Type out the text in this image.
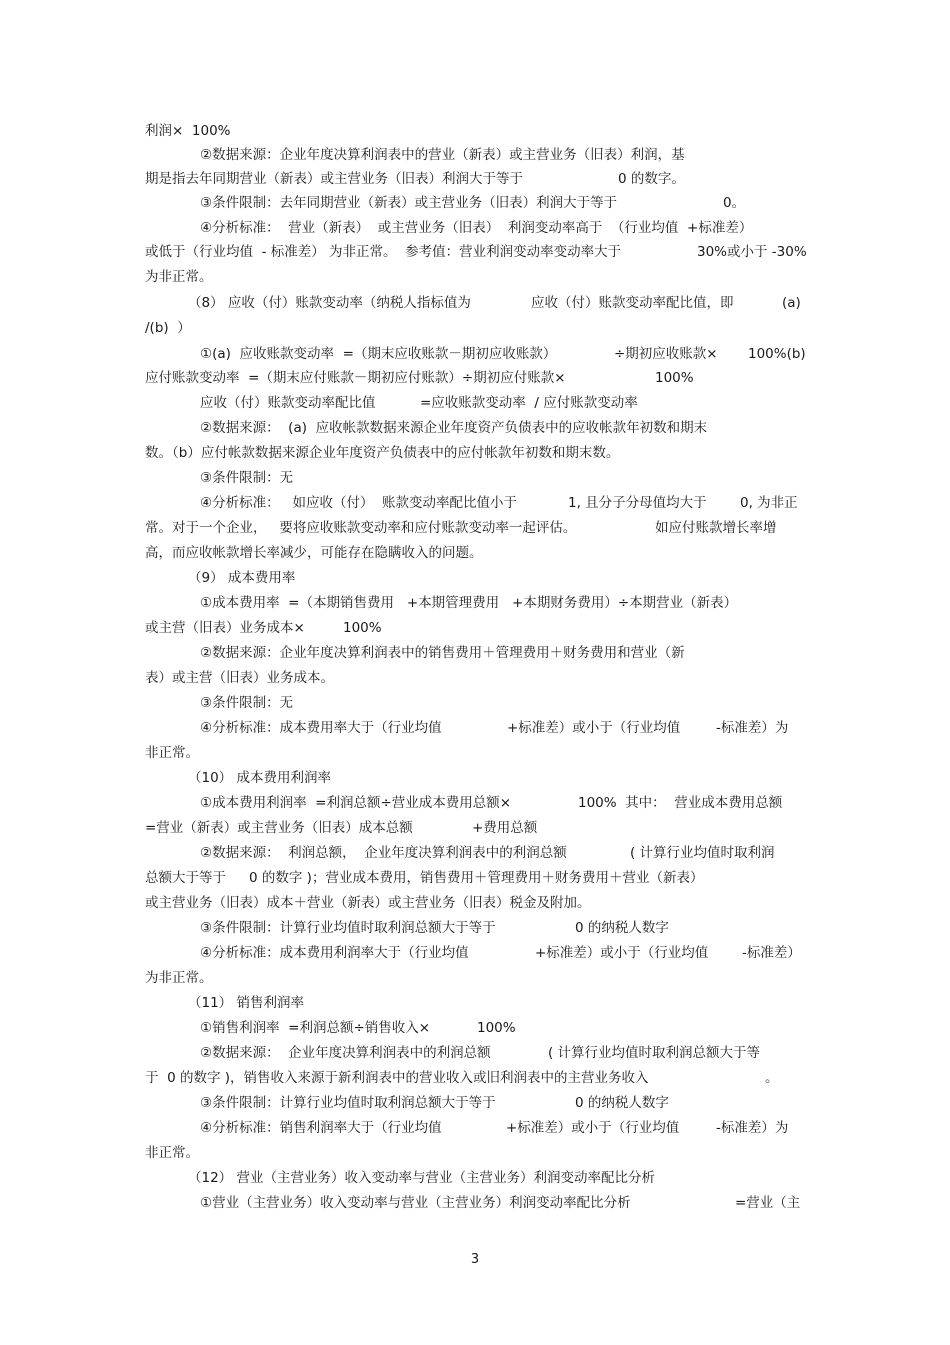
利润×  100%
②数据来源：企业年度决算利润表中的营业（新表）或主营业务（旧表）利润，基
期是指去年同期营业（新表）或主营业务（旧表）利润大于等于	0 的数字。
③条件限制：去年同期营业（新表）或主营业务（旧表）利润大于等于	0。
④分析标准：  营业（新表）  或主营业务（旧表）  利润变动率高于  （行业均值  +标准差）
或低于（行业均值  - 标准差） 为非正常。  参考值：营业利润变动率变动率大于	30%或小于 -30%
为非正常。
（8） 应收（付）账款变动率（纳税人指标值为	应收（付）账款变动率配比值，即	(a)
/(b)  ）
①(a)  应收账款变动率  =（期末应收账款－期初应收账款）	÷期初应收账款× 100%(b)
应付账款变动率  =（期末应付账款－期初应付账款）÷期初应付账款×	100%
应收（付）账款变动率配比值	=应收账款变动率  / 应付账款变动率
②数据来源：  (a)  应收帐款数据来源企业年度资产负债表中的应收帐款年初数和期末
数。（b）应付帐款数据来源企业年度资产负债表中的应付帐款年初数和期末数。
③条件限制：无
④分析标准：   如应收（付）  账款变动率配比值小于	1, 且分子分母值均大于 0, 为非正
常。对于一个企业，   要将应收账款变动率和应付账款变动率一起评估。	如应付账款增长率增
高，而应收帐款增长率减少，可能存在隐瞒收入的问题。
（9） 成本费用率
①成本费用率  =（本期销售费用   +本期管理费用   +本期财务费用）÷本期营业（新表）
或主营（旧表）业务成本×	100%
②数据来源：企业年度决算利润表中的销售费用＋管理费用＋财务费用和营业（新
表）或主营（旧表）业务成本。
③条件限制：无
④分析标准：成本费用率大于（行业均值	+标准差）或小于（行业均值	-标准差）为
非正常。
（10） 成本费用利润率
①成本费用利润率  =利润总额÷营业成本费用总额×	100%  其中：  营业成本费用总额
=营业（新表）或主营业务（旧表）成本总额	+费用总额
②数据来源：  利润总额，  企业年度决算利润表中的利润总额	( 计算行业均值时取利润
总额大于等于 0 的数字 )；营业成本费用，销售费用＋管理费用＋财务费用＋营业（新表）
或主营业务（旧表）成本＋营业（新表）或主营业务（旧表）税金及附加。
③条件限制：计算行业均值时取利润总额大于等于	0 的纳税人数字
④分析标准：成本费用利润率大于（行业均值	+标准差）或小于（行业均值 -标准差）
为非正常。
（11） 销售利润率
①销售利润率  =利润总额÷销售收入×	100%
②数据来源：  企业年度决算利润表中的利润总额	( 计算行业均值时取利润总额大于等
于  0 的数字 )，销售收入来源于新利润表中的营业收入或旧利润表中的主营业务收入	。
③条件限制：计算行业均值时取利润总额大于等于	0 的纳税人数字
④分析标准：销售利润率大于（行业均值	+标准差）或小于（行业均值	-标准差）为
非正常。
（12） 营业（主营业务）收入变动率与营业（主营业务）利润变动率配比分析
①营业（主营业务）收入变动率与营业（主营业务）利润变动率配比分析	=营业（主
3
